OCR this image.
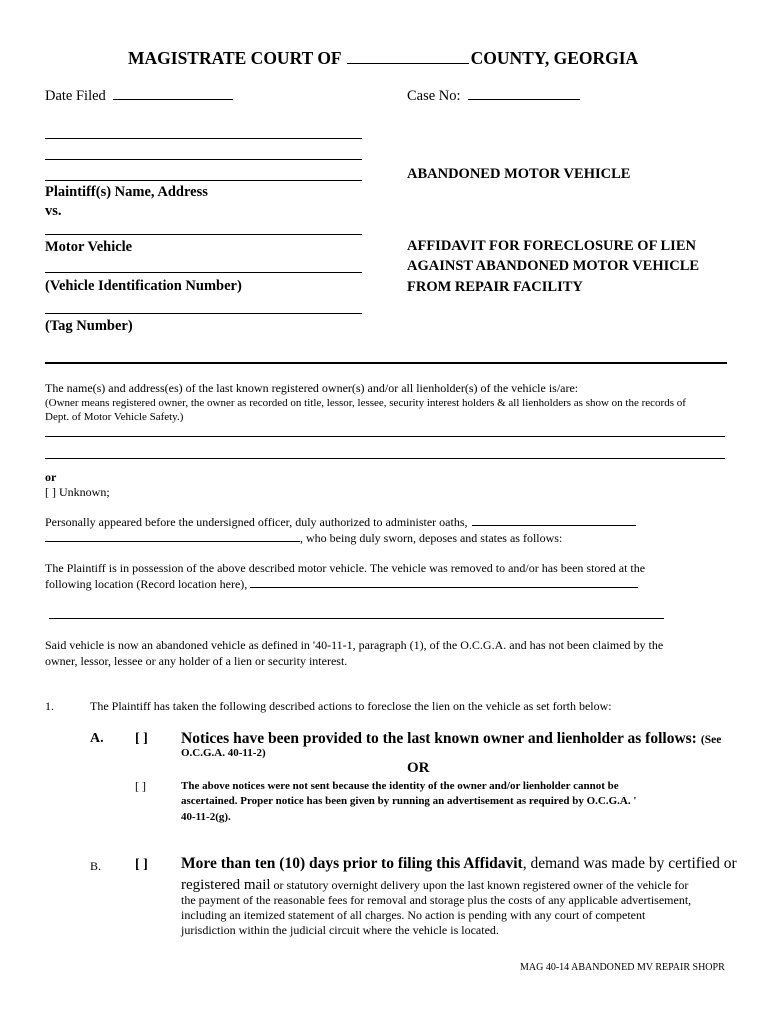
MAGISTRATE COURT OF	COUNTY, GEORGIA
Date Filed	Case No:
Plaintiff(s) Name, Address
vs.
Motor Vehicle
(Vehicle Identification Number)
(Tag Number)
ABANDONED MOTOR VEHICLE
AFFIDAVIT FOR FORECLOSURE OF LIEN
AGAINST ABANDONED MOTOR VEHICLE
FROM REPAIR FACILITY
The name(s) and address(es) of the last known registered owner(s) and/or all lienholder(s) of the vehicle is/are:
(Owner means registered owner, the owner as recorded on title, lessor, lessee, security interest holders & all lienholders as show on the records of
Dept. of Motor Vehicle Safety.)
or
[ ] Unknown;
Personally appeared before the undersigned officer, duly authorized to administer oaths,
, who being duly sworn, deposes and states as follows:
The Plaintiff is in possession of the above described motor vehicle. The vehicle was removed to and/or has been stored at the
following location (Record location here),
Said vehicle is now an abandoned vehicle as defined in '40-11-1, paragraph (1), of the O.C.G.A. and has not been claimed by the
owner, lessor, lessee or any holder of a lien or security interest.
1.	The Plaintiff has taken the following described actions to foreclose the lien on the vehicle as set forth below:
A. [ ] Notices have been provided to the last known owner and lienholder as follows: (See
O.C.G.A. 40-11-2)
OR
[ ]	The above notices were not sent because the identity of the owner and/or lienholder cannot be
ascertained. Proper notice has been given by running an advertisement as required by O.C.G.A. '
40-11-2(g).
B. [ ] More than ten (10) days prior to filing this Affidavit, demand was made by certified or
registered mail or statutory overnight delivery upon the last known registered owner of the vehicle for
the payment of the reasonable fees for removal and storage plus the costs of any applicable advertisement,
including an itemized statement of all charges. No action is pending with any court of competent
jurisdiction within the judicial circuit where the vehicle is located.
MAG 40-14 ABANDONED MV REPAIR SHOPR
